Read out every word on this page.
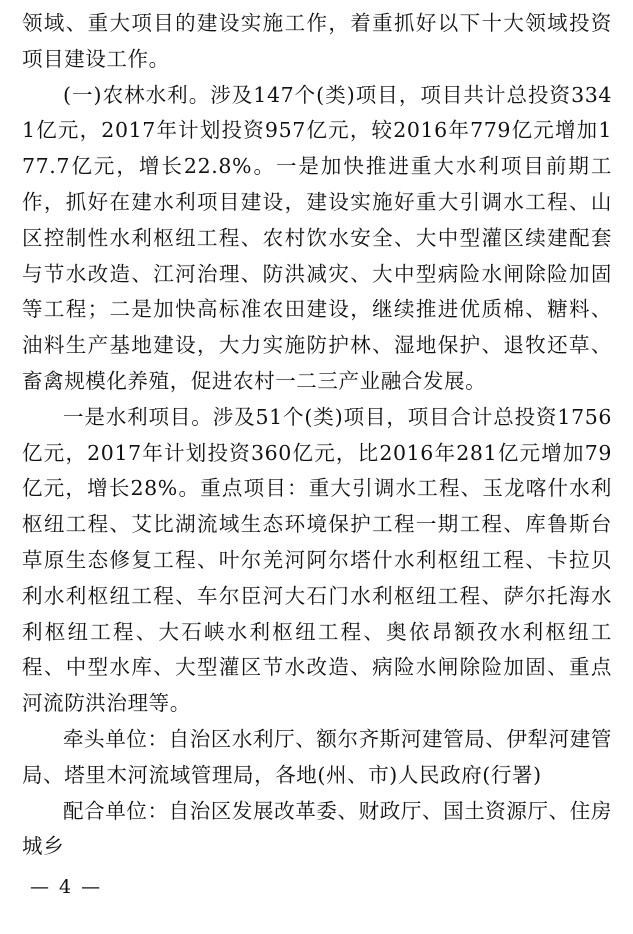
领域、重大项目的建设实施工作，着重抓好以下十大领域投资项目建设工作。

(一)农林水利。涉及147个(类)项目，项目共计总投资3341亿元，2017年计划投资957亿元，较2016年779亿元增加177.7亿元，增长22.8%。一是加快推进重大水利项目前期工作，抓好在建水利项目建设，建设实施好重大引调水工程、山区控制性水利枢纽工程、农村饮水安全、大中型灌区续建配套与节水改造、江河治理、防洪减灾、大中型病险水闸除险加固等工程；二是加快高标准农田建设，继续推进优质棉、糖料、油料生产基地建设，大力实施防护林、湿地保护、退牧还草、畜禽规模化养殖，促进农村一二三产业融合发展。

一是水利项目。涉及51个(类)项目，项目合计总投资1756亿元，2017年计划投资360亿元，比2016年281亿元增加79亿元，增长28%。重点项目：重大引调水工程、玉龙喀什水利枢纽工程、艾比湖流域生态环境保护工程一期工程、库鲁斯台草原生态修复工程、叶尔羌河阿尔塔什水利枢纽工程、卡拉贝利水利枢纽工程、车尔臣河大石门水利枢纽工程、萨尔托海水利枢纽工程、大石峡水利枢纽工程、奥依昂额孜水利枢纽工程、中型水库、大型灌区节水改造、病险水闸除险加固、重点河流防洪治理等。

牵头单位：自治区水利厅、额尔齐斯河建管局、伊犁河建管局、塔里木河流域管理局，各地(州、市)人民政府(行署)

配合单位：自治区发展改革委、财政厅、国土资源厅、住房城乡

— 4 —
